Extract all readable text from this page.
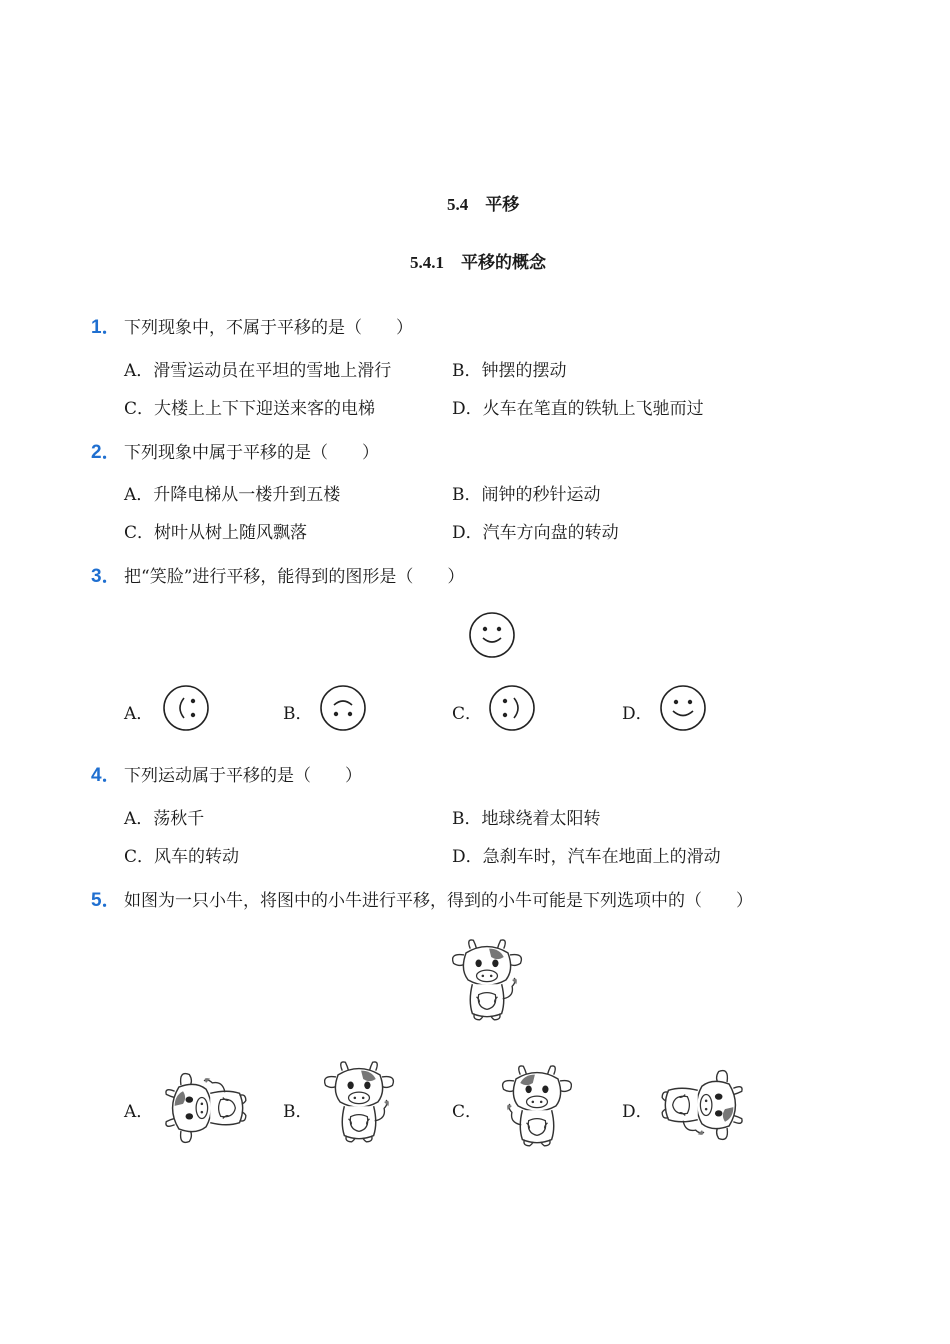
5.4　平移
5.4.1　平移的概念
1． 下列现象中，不属于平移的是（　　）
A．滑雪运动员在平坦的雪地上滑行	B．钟摆的摆动
C．大楼上上下下迎送来客的电梯	D．火车在笔直的铁轨上飞驰而过
2． 下列现象中属于平移的是（　　）
A．升降电梯从一楼升到五楼	B．闹钟的秒针运动
C．树叶从树上随风飘落	D．汽车方向盘的转动
3． 把“笑脸”进行平移，能得到的图形是（　　）
A．	B．	C．	D．
4． 下列运动属于平移的是（　　）
A．荡秋千	B．地球绕着太阳转
C．风车的转动	D．急刹车时，汽车在地面上的滑动
5． 如图为一只小牛，将图中的小牛进行平移，得到的小牛可能是下列选项中的（　　）
A．	B．	C．	D．
